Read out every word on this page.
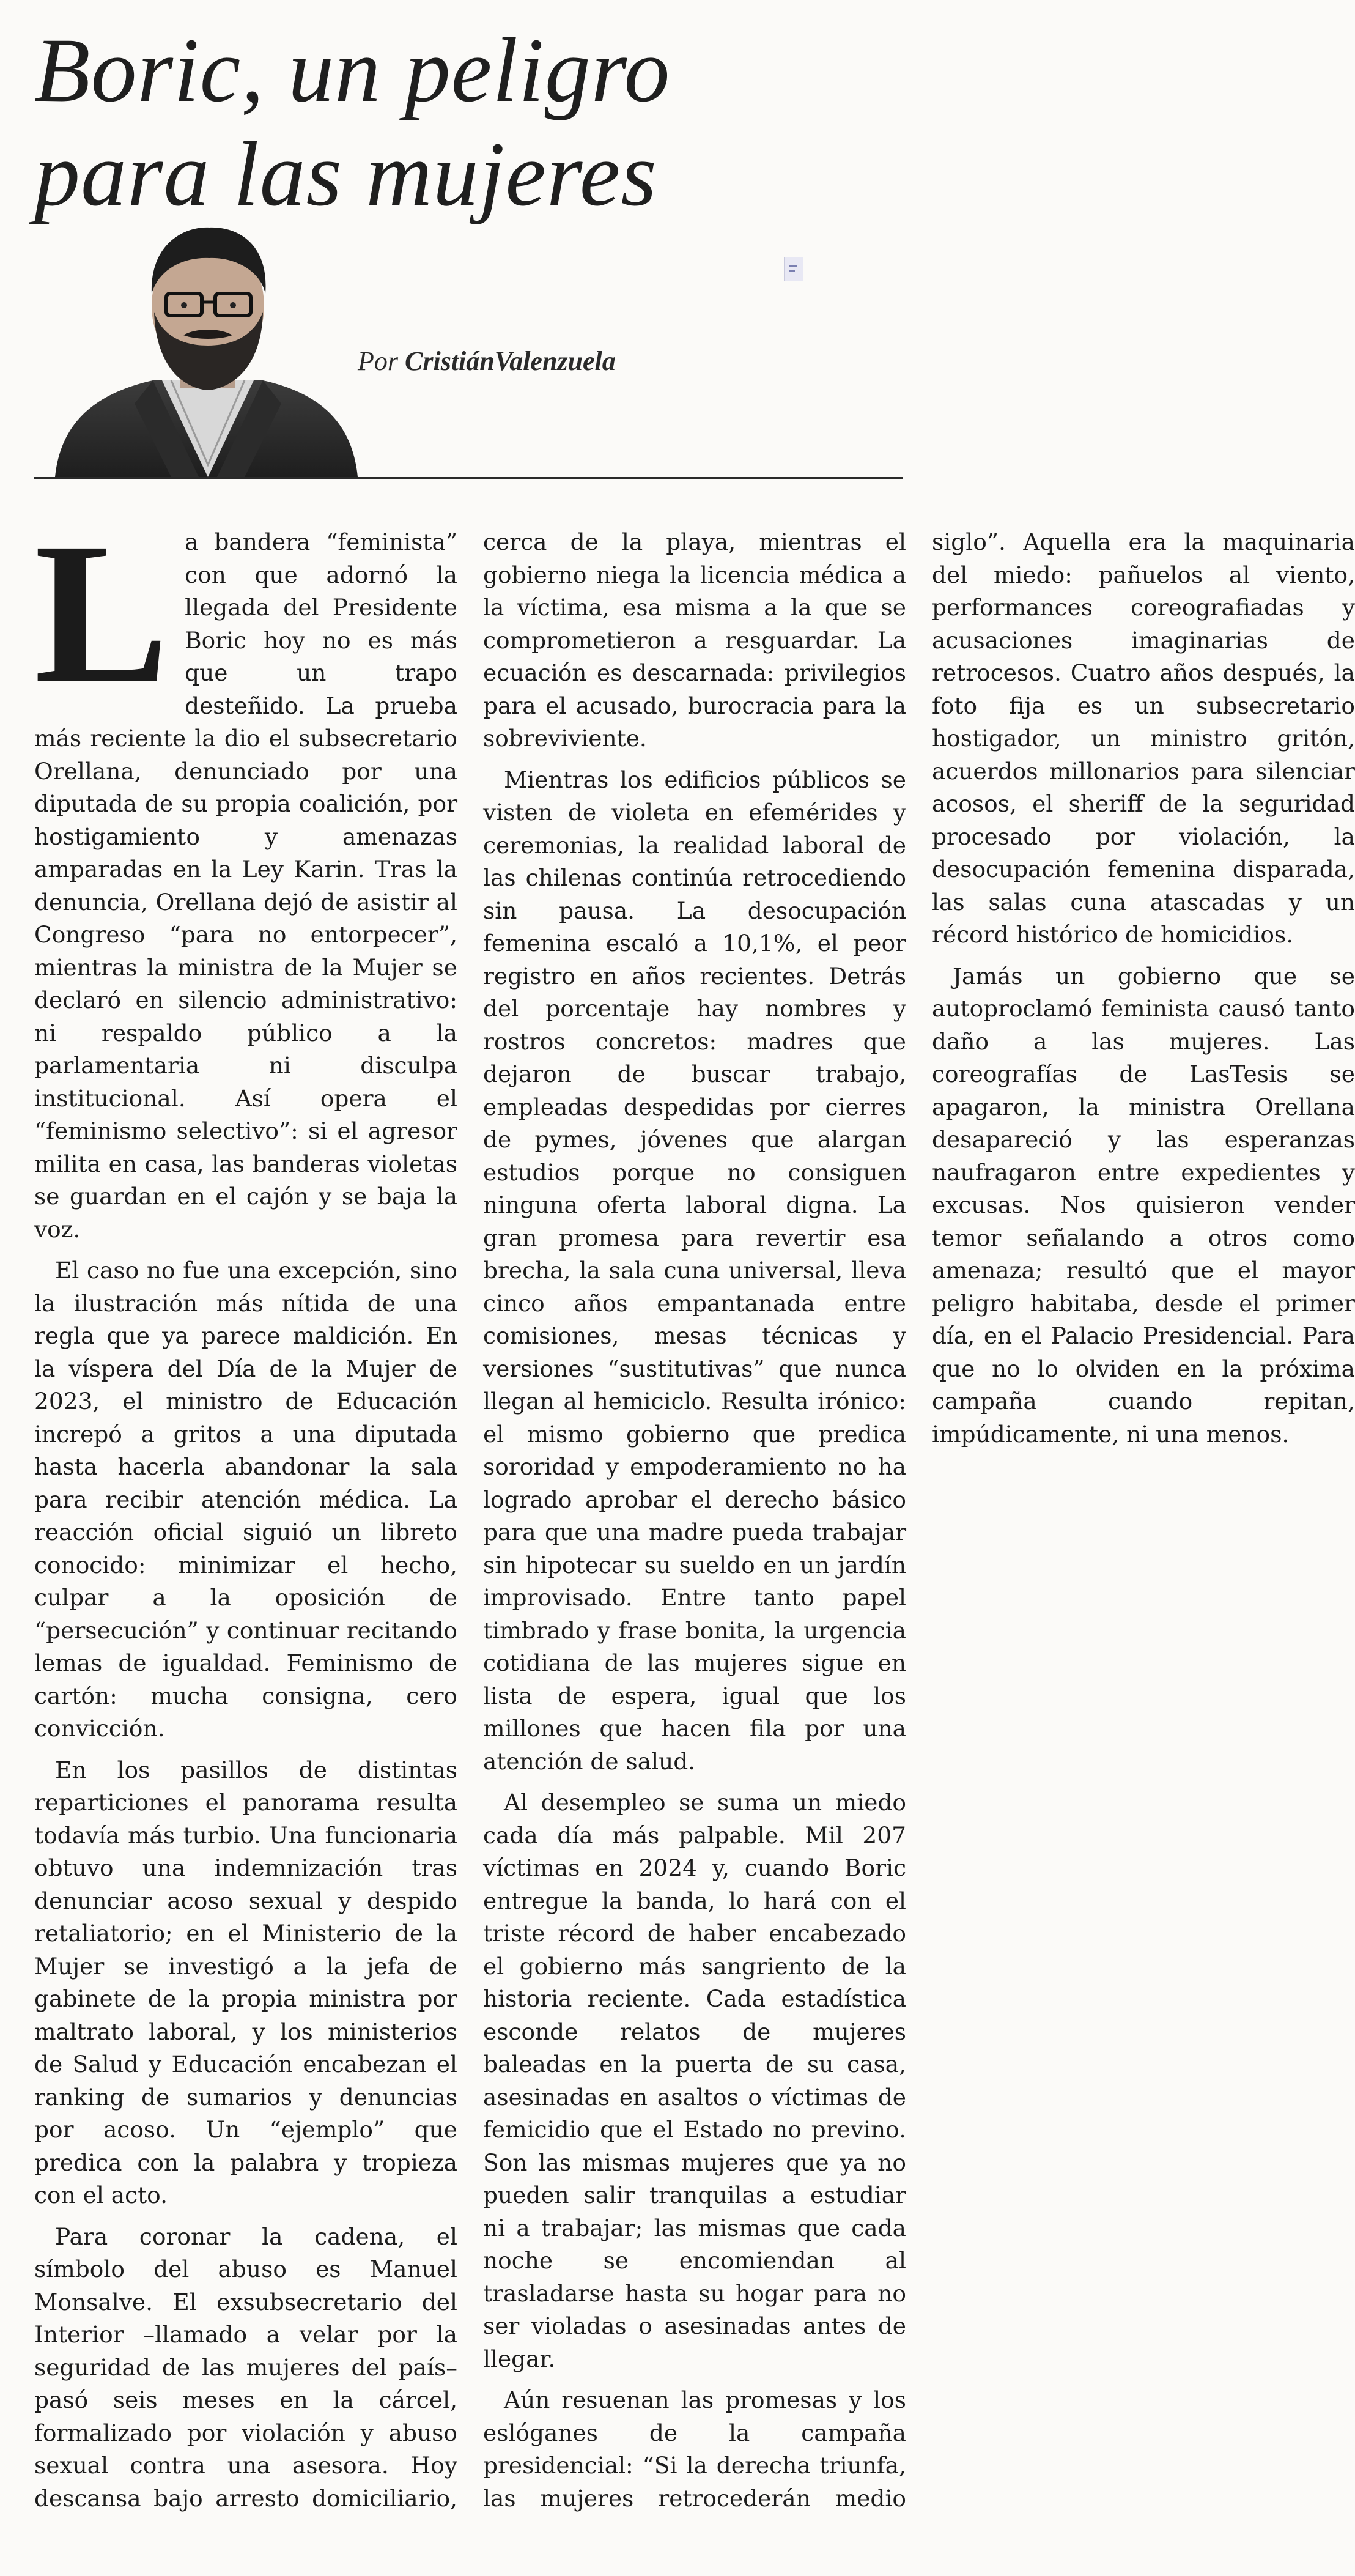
Boric, un peligro
para las mujeres
Por CristiánValenzuela

La bandera “feminista” con que adornó la llegada del Presidente Boric hoy no es más que un trapo desteñido. La prueba más reciente la dio el subsecretario Orellana, denunciado por una diputada de su propia coalición, por hostigamiento y amenazas amparadas en la Ley Karin. Tras la denuncia, Orellana dejó de asistir al Congreso “para no entorpecer”, mientras la ministra de la Mujer se declaró en silencio administrativo: ni respaldo público a la parlamentaria ni disculpa institucional. Así opera el “feminismo selectivo”: si el agresor milita en casa, las banderas violetas se guardan en el cajón y se baja la voz.

El caso no fue una excepción, sino la ilustración más nítida de una regla que ya parece maldición. En la víspera del Día de la Mujer de 2023, el ministro de Educación increpó a gritos a una diputada hasta hacerla abandonar la sala para recibir atención médica. La reacción oficial siguió un libreto conocido: minimizar el hecho, culpar a la oposición de “persecución” y continuar recitando lemas de igualdad. Feminismo de cartón: mucha consigna, cero convicción.

En los pasillos de distintas reparticiones el panorama resulta todavía más turbio. Una funcionaria obtuvo una indemnización tras denunciar acoso sexual y despido retaliatorio; en el Ministerio de la Mujer se investigó a la jefa de gabinete de la propia ministra por maltrato laboral, y los ministerios de Salud y Educación encabezan el ranking de sumarios y denuncias por acoso. Un “ejemplo” que predica con la palabra y tropieza con el acto.

Para coronar la cadena, el símbolo del abuso es Manuel Monsalve. El exsubsecretario del Interior –llamado a velar por la seguridad de las mujeres del país– pasó seis meses en la cárcel, formalizado por violación y abuso sexual contra una asesora. Hoy descansa bajo arresto domiciliario, cerca de la playa, mientras el gobierno niega la licencia médica a la víctima, esa misma a la que se comprometieron a resguardar. La ecuación es descarnada: privilegios para el acusado, burocracia para la sobreviviente.

Mientras los edificios públicos se visten de violeta en efemérides y ceremonias, la realidad laboral de las chilenas continúa retrocediendo sin pausa. La desocupación femenina escaló a 10,1%, el peor registro en años recientes. Detrás del porcentaje hay nombres y rostros concretos: madres que dejaron de buscar trabajo, empleadas despedidas por cierres de pymes, jóvenes que alargan estudios porque no consiguen ninguna oferta laboral digna. La gran promesa para revertir esa brecha, la sala cuna universal, lleva cinco años empantanada entre comisiones, mesas técnicas y versiones “sustitutivas” que nunca llegan al hemiciclo. Resulta irónico: el mismo gobierno que predica sororidad y empoderamiento no ha logrado aprobar el derecho básico para que una madre pueda trabajar sin hipotecar su sueldo en un jardín improvisado. Entre tanto papel timbrado y frase bonita, la urgencia cotidiana de las mujeres sigue en lista de espera, igual que los millones que hacen fila por una atención de salud.

Al desempleo se suma un miedo cada día más palpable. Mil 207 víctimas en 2024 y, cuando Boric entregue la banda, lo hará con el triste récord de haber encabezado el gobierno más sangriento de la historia reciente. Cada estadística esconde relatos de mujeres baleadas en la puerta de su casa, asesinadas en asaltos o víctimas de femicidio que el Estado no previno. Son las mismas mujeres que ya no pueden salir tranquilas a estudiar ni a trabajar; las mismas que cada noche se encomiendan al trasladarse hasta su hogar para no ser violadas o asesinadas antes de llegar.

Aún resuenan las promesas y los eslóganes de la campaña presidencial: “Si la derecha triunfa, las mujeres retrocederán medio siglo”. Aquella era la maquinaria del miedo: pañuelos al viento, performances coreografiadas y acusaciones imaginarias de retrocesos. Cuatro años después, la foto fija es un subsecretario hostigador, un ministro gritón, acuerdos millonarios para silenciar acosos, el sheriff de la seguridad procesado por violación, la desocupación femenina disparada, las salas cuna atascadas y un récord histórico de homicidios.

Jamás un gobierno que se autoproclamó feminista causó tanto daño a las mujeres. Las coreografías de LasTesis se apagaron, la ministra Orellana desapareció y las esperanzas naufragaron entre expedientes y excusas. Nos quisieron vender temor señalando a otros como amenaza; resultó que el mayor peligro habitaba, desde el primer día, en el Palacio Presidencial. Para que no lo olviden en la próxima campaña cuando repitan, impúdicamente, ni una menos.
